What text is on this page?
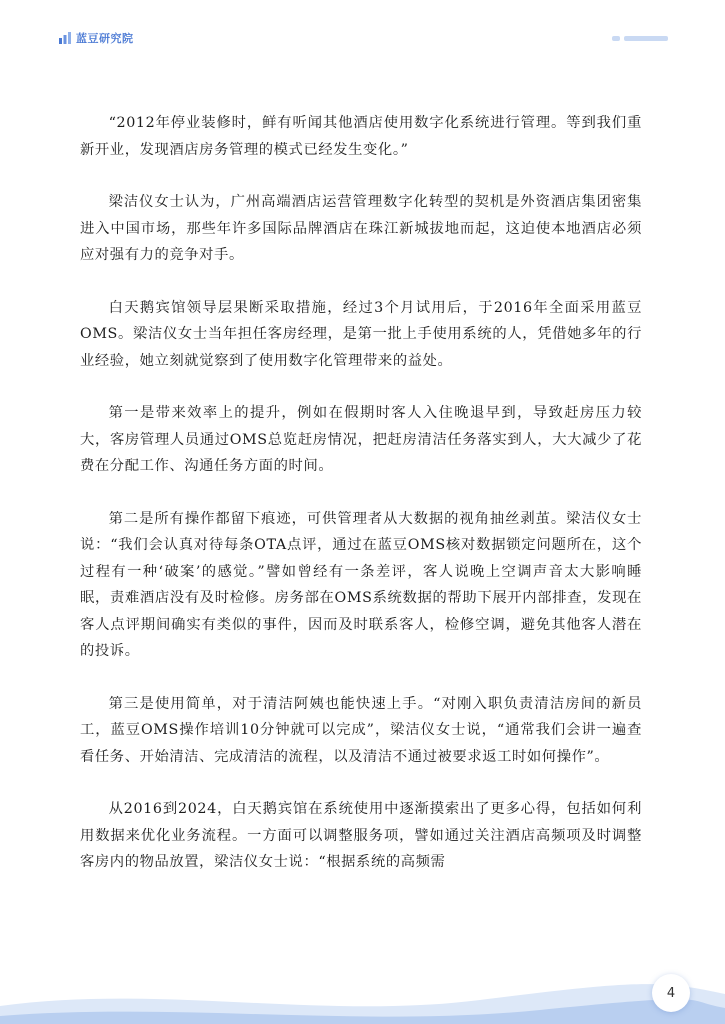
蓝豆研究院

“2012年停业装修时，鲜有听闻其他酒店使用数字化系统进行管理。等到我们重新开业，发现酒店房务管理的模式已经发生变化。”

梁洁仪女士认为，广州高端酒店运营管理数字化转型的契机是外资酒店集团密集进入中国市场，那些年许多国际品牌酒店在珠江新城拔地而起，这迫使本地酒店必须应对强有力的竞争对手。

白天鹅宾馆领导层果断采取措施，经过3个月试用后，于2016年全面采用蓝豆OMS。梁洁仪女士当年担任客房经理，是第一批上手使用系统的人，凭借她多年的行业经验，她立刻就觉察到了使用数字化管理带来的益处。

第一是带来效率上的提升，例如在假期时客人入住晚退早到，导致赶房压力较大，客房管理人员通过OMS总览赶房情况，把赶房清洁任务落实到人，大大减少了花费在分配工作、沟通任务方面的时间。

第二是所有操作都留下痕迹，可供管理者从大数据的视角抽丝剥茧。梁洁仪女士说：“我们会认真对待每条OTA点评，通过在蓝豆OMS核对数据锁定问题所在，这个过程有一种‘破案’的感觉。”譬如曾经有一条差评，客人说晚上空调声音太大影响睡眠，责难酒店没有及时检修。房务部在OMS系统数据的帮助下展开内部排查，发现在客人点评期间确实有类似的事件，因而及时联系客人，检修空调，避免其他客人潜在的投诉。

第三是使用简单，对于清洁阿姨也能快速上手。“对刚入职负责清洁房间的新员工，蓝豆OMS操作培训10分钟就可以完成”，梁洁仪女士说，“通常我们会讲一遍查看任务、开始清洁、完成清洁的流程，以及清洁不通过被要求返工时如何操作”。

从2016到2024，白天鹅宾馆在系统使用中逐渐摸索出了更多心得，包括如何利用数据来优化业务流程。一方面可以调整服务项，譬如通过关注酒店高频项及时调整客房内的物品放置，梁洁仪女士说：“根据系统的高频需

4
